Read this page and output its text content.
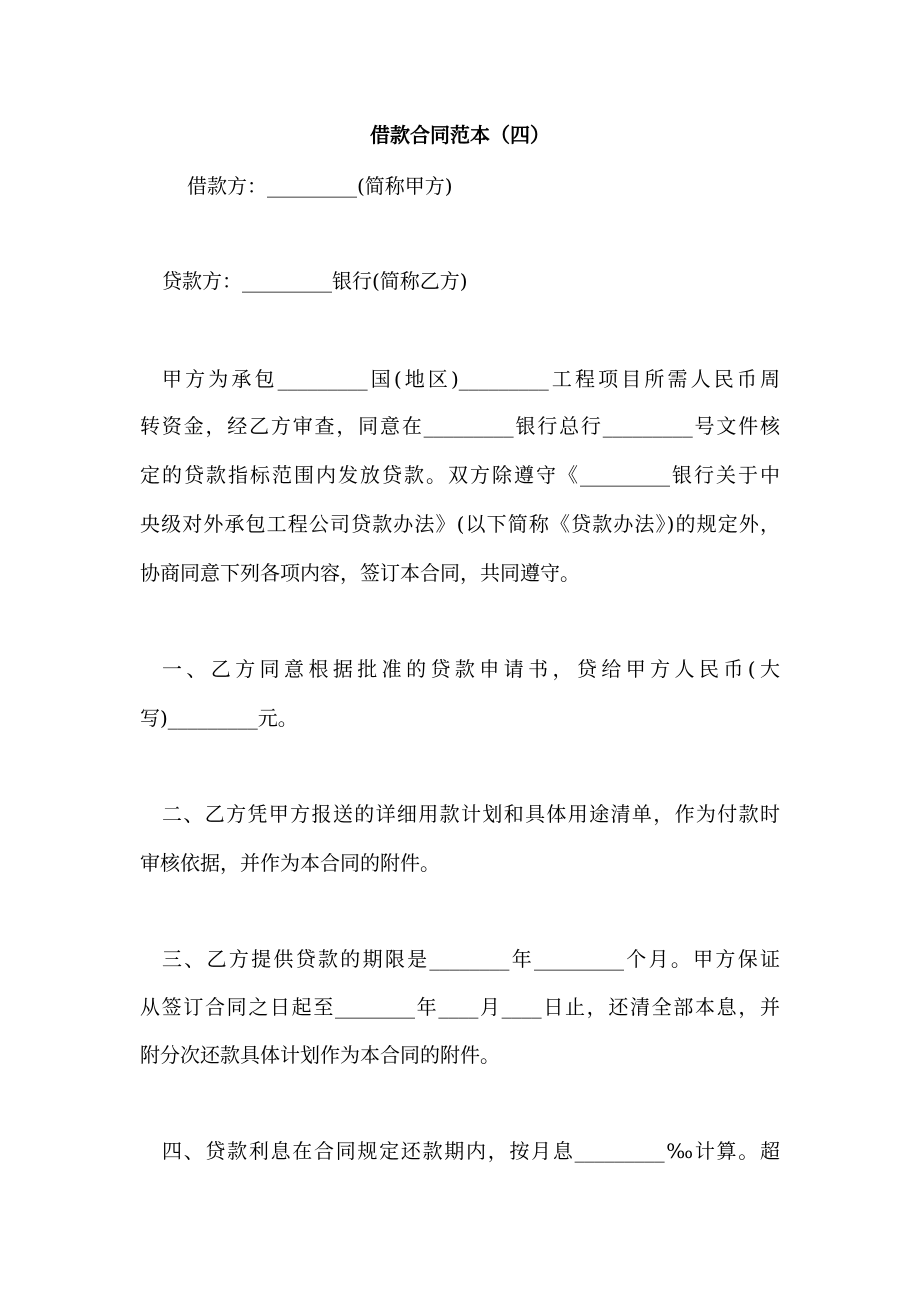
借款合同范本（四）
借款方：_________(简称甲方)
贷款方：_________银行(简称乙方)
甲方为承包_________国(地区)_________工程项目所需人民币周
转资金，经乙方审查，同意在_________银行总行_________号文件核
定的贷款指标范围内发放贷款。双方除遵守《_________银行关于中
央级对外承包工程公司贷款办法》(以下简称《贷款办法》)的规定外，
协商同意下列各项内容，签订本合同，共同遵守。
一、乙方同意根据批准的贷款申请书，贷给甲方人民币(大
写)_________元。
二、乙方凭甲方报送的详细用款计划和具体用途清单，作为付款时
审核依据，并作为本合同的附件。
三、乙方提供贷款的期限是________年_________个月。甲方保证
从签订合同之日起至________年____月____日止，还清全部本息，并
附分次还款具体计划作为本合同的附件。
四、贷款利息在合同规定还款期内，按月息_________‰计算。超
